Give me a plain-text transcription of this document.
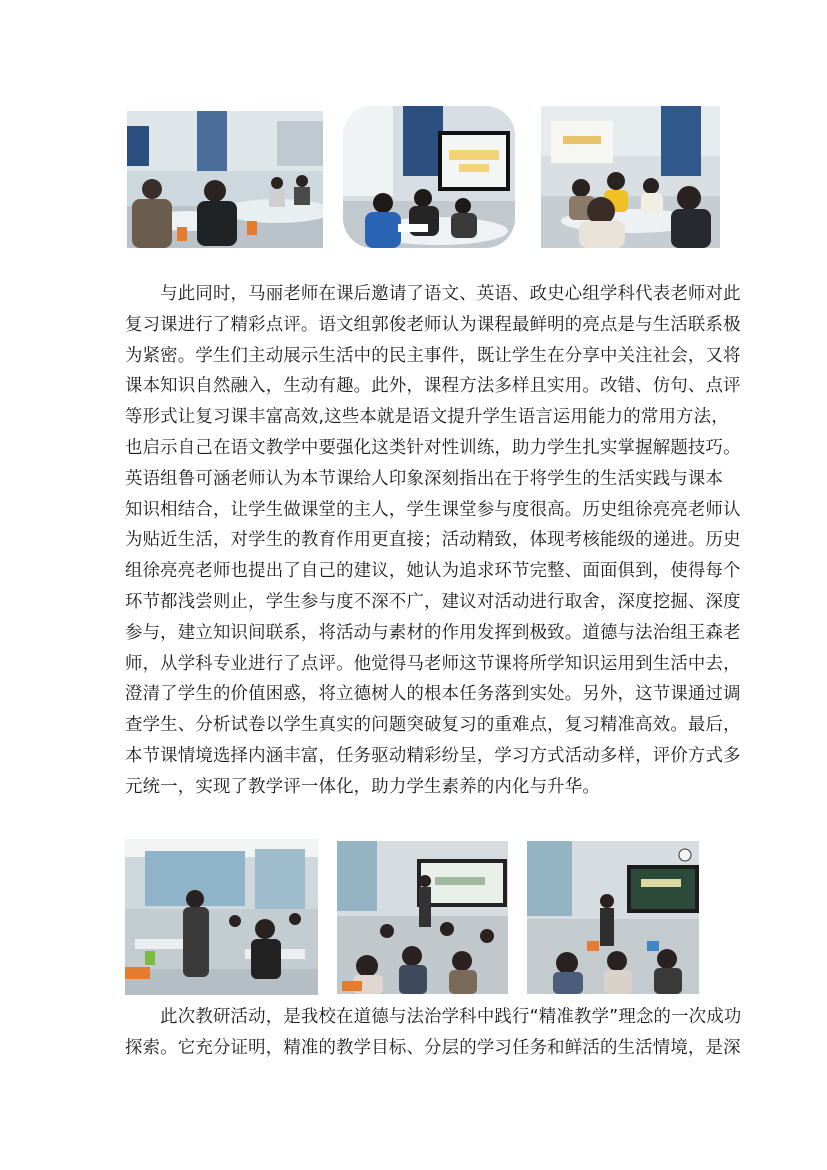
　　与此同时，马丽老师在课后邀请了语文、英语、政史心组学科代表老师对此
复习课进行了精彩点评。语文组郭俊老师认为课程最鲜明的亮点是与生活联系极
为紧密。学生们主动展示生活中的民主事件，既让学生在分享中关注社会，又将
课本知识自然融入，生动有趣。此外，课程方法多样且实用。改错、仿句、点评
等形式让复习课丰富高效,这些本就是语文提升学生语言运用能力的常用方法，
也启示自己在语文教学中要强化这类针对性训练，助力学生扎实掌握解题技巧。
英语组鲁可涵老师认为本节课给人印象深刻指出在于将学生的生活实践与课本
知识相结合，让学生做课堂的主人，学生课堂参与度很高。历史组徐亮亮老师认
为贴近生活，对学生的教育作用更直接；活动精致，体现考核能级的递进。历史
组徐亮亮老师也提出了自己的建议，她认为追求环节完整、面面俱到，使得每个
环节都浅尝则止，学生参与度不深不广，建议对活动进行取舍，深度挖掘、深度
参与，建立知识间联系，将活动与素材的作用发挥到极致。道德与法治组王森老
师，从学科专业进行了点评。他觉得马老师这节课将所学知识运用到生活中去，
澄清了学生的价值困惑，将立德树人的根本任务落到实处。另外，这节课通过调
查学生、分析试卷以学生真实的问题突破复习的重难点，复习精准高效。最后，
本节课情境选择内涵丰富，任务驱动精彩纷呈，学习方式活动多样，评价方式多
元统一，实现了教学评一体化，助力学生素养的内化与升华。
　　此次教研活动，是我校在道德与法治学科中践行“精准教学”理念的一次成功
探索。它充分证明，精准的教学目标、分层的学习任务和鲜活的生活情境，是深
